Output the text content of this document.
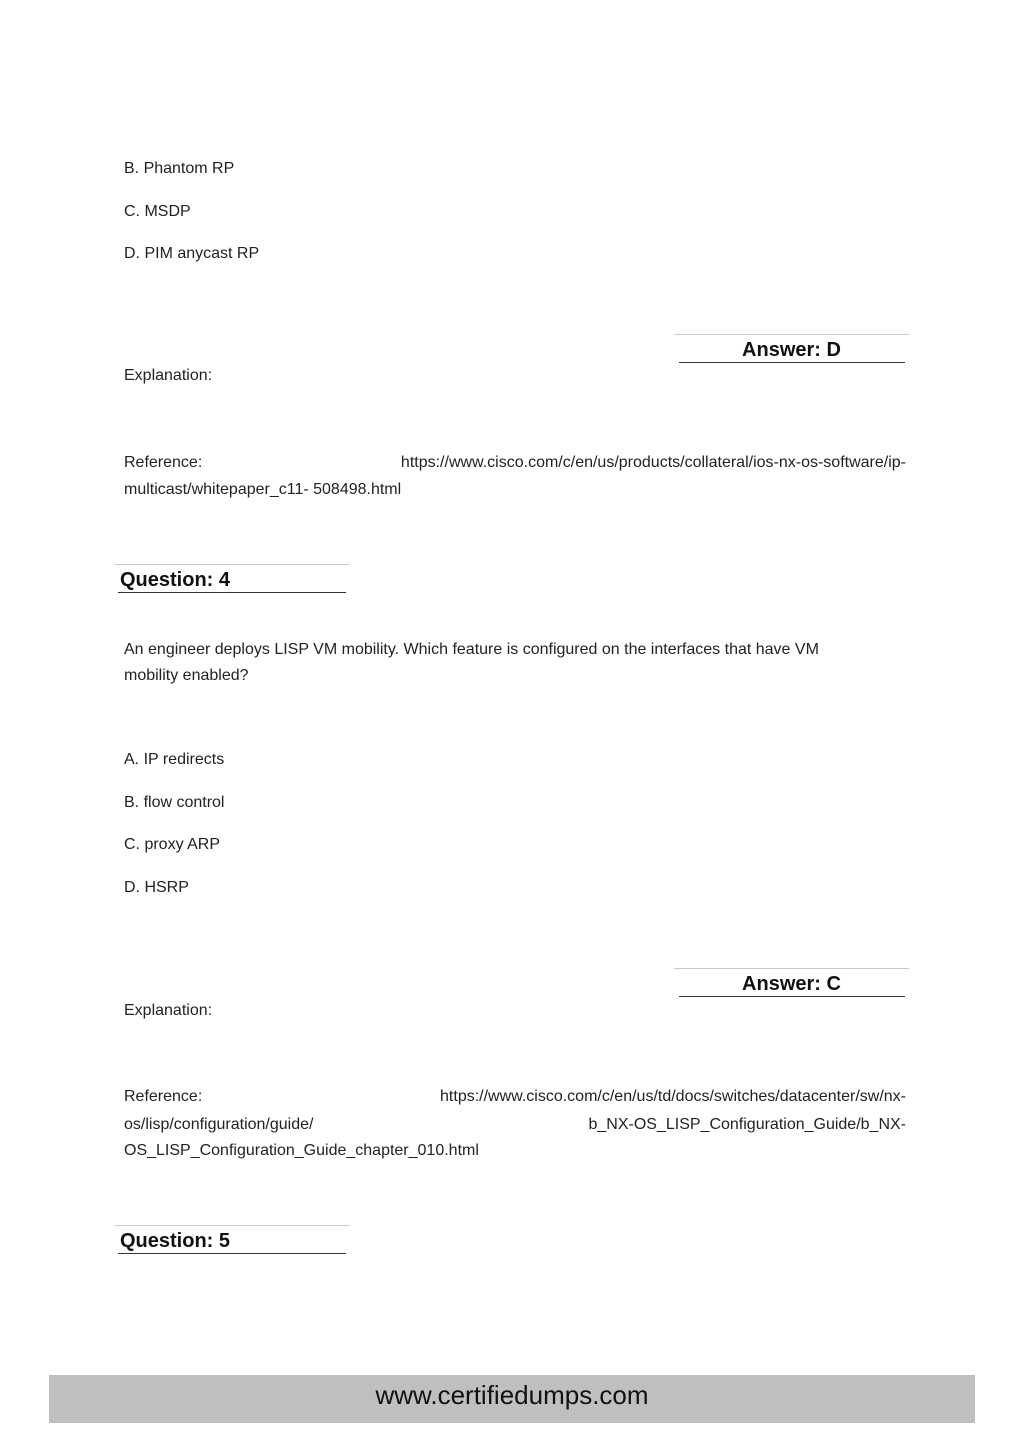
B. Phantom RP
C. MSDP
D. PIM anycast RP
Answer: D
Explanation:
Reference:	https://www.cisco.com/c/en/us/products/collateral/ios-nx-os-software/ip-
multicast/whitepaper_c11- 508498.html
Question: 4
An engineer deploys LISP VM mobility. Which feature is configured on the interfaces that have VM
mobility enabled?
A. IP redirects
B. flow control
C. proxy ARP
D. HSRP
Answer: C
Explanation:
Reference:	https://www.cisco.com/c/en/us/td/docs/switches/datacenter/sw/nx-
os/lisp/configuration/guide/	b_NX-OS_LISP_Configuration_Guide/b_NX-
OS_LISP_Configuration_Guide_chapter_010.html
Question: 5
www.certifiedumps.com
